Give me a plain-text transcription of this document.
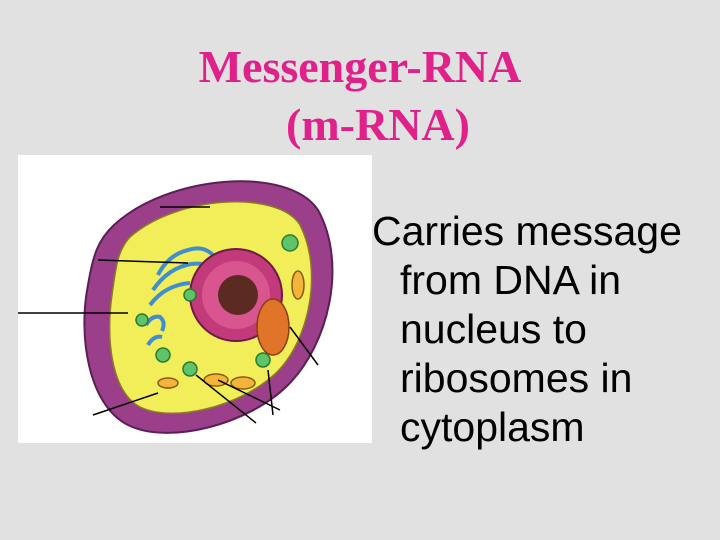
Messenger-RNA

(m-RNA)
Carries message
from DNA in
nucleus to
ribosomes in
cytoplasm
